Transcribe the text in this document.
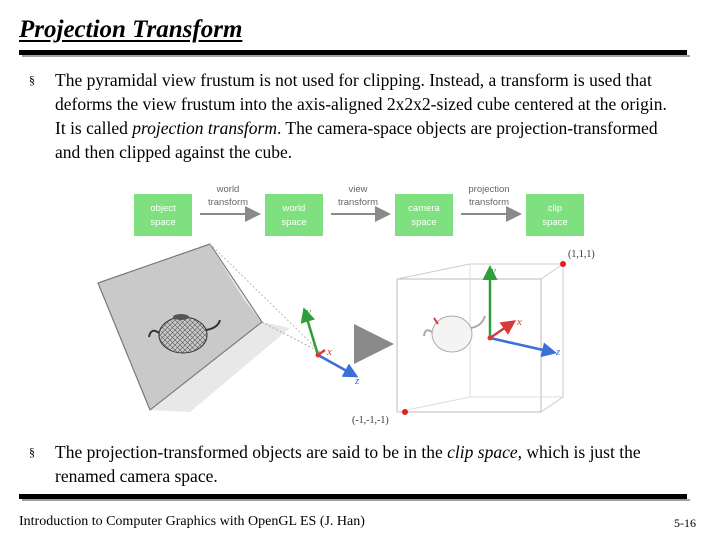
Projection Transform
§ The pyramidal view frustum is not used for clipping. Instead, a transform is used that deforms the view frustum into the axis-aligned 2x2x2-sized cube centered at the origin. It is called projection transform. The camera-space objects are projection-transformed and then clipped against the cube.
object
space
world
space
camera
space
clip
space
world
transform
view
transform
projection
transform
y
x
z
(1,1,1)
(-1,-1,-1)
y
x
z
§ The projection-transformed objects are said to be in the clip space, which is just the renamed camera space.
Introduction to Computer Graphics with OpenGL ES (J. Han)	5-16
